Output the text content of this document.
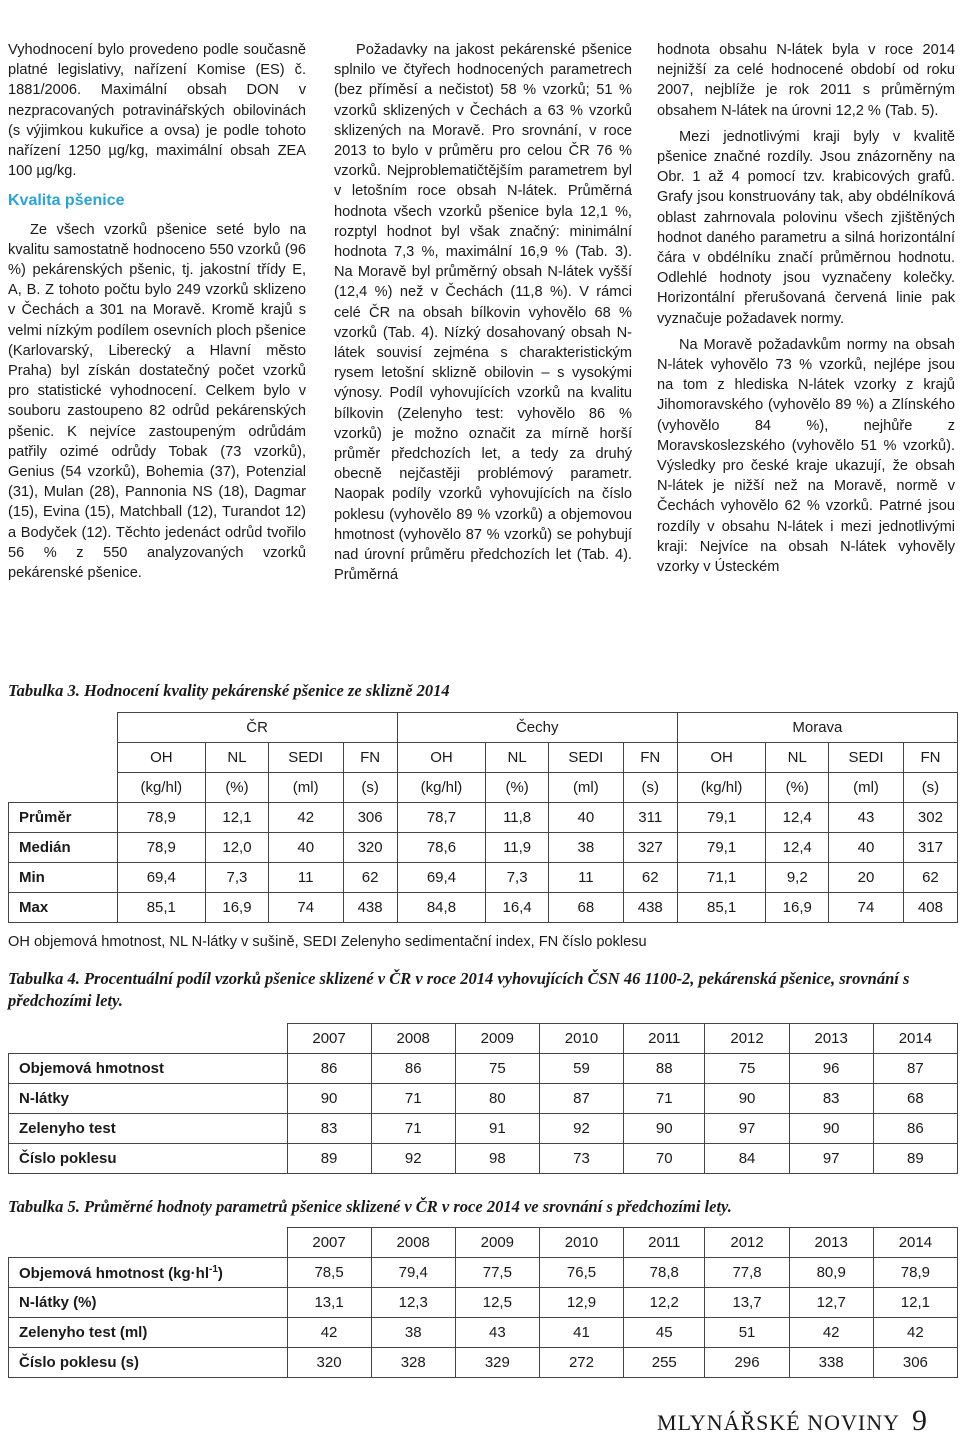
Vyhodnocení bylo provedeno podle současně platné legislativy, nařízení Komise (ES) č. 1881/2006. Maximální obsah DON v nezpracovaných potravinářských obilovinách (s výjimkou kukuřice a ovsa) je podle tohoto nařízení 1250 µg/kg, maximální obsah ZEA 100 µg/kg.

Kvalita pšenice

Ze všech vzorků pšenice seté bylo na kvalitu samostatně hodnoceno 550 vzorků (96 %) pekárenských pšenic, tj. jakostní třídy E, A, B. Z tohoto počtu bylo 249 vzorků sklizeno v Čechách a 301 na Moravě. Kromě krajů s velmi nízkým podílem osevních ploch pšenice (Karlovarský, Liberecký a Hlavní město Praha) byl získán dostatečný počet vzorků pro statistické vyhodnocení. Celkem bylo v souboru zastoupeno 82 odrůd pekárenských pšenic. K nejvíce zastoupeným odrůdám patřily ozimé odrůdy Tobak (73 vzorků), Genius (54 vzorků), Bohemia (37), Potenzial (31), Mulan (28), Pannonia NS (18), Dagmar (15), Evina (15), Matchball (12), Turandot 12) a Bodyček (12). Těchto jedenáct odrůd tvořilo 56 % z 550 analyzovaných vzorků pekárenské pšenice.

Požadavky na jakost pekárenské pšenice splnilo ve čtyřech hodnocených parametrech (bez příměsí a nečistot) 58 % vzorků; 51 % vzorků sklizených v Čechách a 63 % vzorků sklizených na Moravě. Pro srovnání, v roce 2013 to bylo v průměru pro celou ČR 76 % vzorků. Nejproblematičtějším parametrem byl v letošním roce obsah N-látek. Průměrná hodnota všech vzorků pšenice byla 12,1 %, rozptyl hodnot byl však značný: minimální hodnota 7,3 %, maximální 16,9 % (Tab. 3). Na Moravě byl průměrný obsah N-látek vyšší (12,4 %) než v Čechách (11,8 %). V rámci celé ČR na obsah bílkovin vyhovělo 68 % vzorků (Tab. 4). Nízký dosahovaný obsah N-látek souvisí zejména s charakteristickým rysem letošní sklizně obilovin – s vysokými výnosy. Podíl vyhovujících vzorků na kvalitu bílkovin (Zelenyho test: vyhovělo 86 % vzorků) je možno označit za mírně horší průměr předchozích let, a tedy za druhý obecně nejčastěji problémový parametr. Naopak podíly vzorků vyhovujících na číslo poklesu (vyhovělo 89 % vzorků) a objemovou hmotnost (vyhovělo 87 % vzorků) se pohybují nad úrovní průměru předchozích let (Tab. 4). Průměrná

hodnota obsahu N-látek byla v roce 2014 nejnižší za celé hodnocené období od roku 2007, nejblíže je rok 2011 s průměrným obsahem N-látek na úrovni 12,2 % (Tab. 5).

Mezi jednotlivými kraji byly v kvalitě pšenice značné rozdíly. Jsou znázorněny na Obr. 1 až 4 pomocí tzv. krabicových grafů. Grafy jsou konstruovány tak, aby obdélníková oblast zahrnovala polovinu všech zjištěných hodnot daného parametru a silná horizontální čára v obdélníku značí průměrnou hodnotu. Odlehlé hodnoty jsou vyznačeny kolečky. Horizontální přerušovaná červená linie pak vyznačuje požadavek normy.

Na Moravě požadavkům normy na obsah N-látek vyhovělo 73 % vzorků, nejlépe jsou na tom z hlediska N-látek vzorky z krajů Jihomoravského (vyhovělo 89 %) a Zlínského (vyhovělo 84 %), nejhůře z Moravskoslezského (vyhovělo 51 % vzorků). Výsledky pro české kraje ukazují, že obsah N-látek je nižší než na Moravě, normě v Čechách vyhovělo 62 % vzorků. Patrné jsou rozdíly v obsahu N-látek i mezi jednotlivými kraji: Nejvíce na obsah N-látek vyhověly vzorky v Ústeckém

Tabulka 3. Hodnocení kvality pekárenské pšenice ze sklizně 2014
	ČR				Čechy				Morava			
	OH	NL	SEDI	FN	OH	NL	SEDI	FN	OH	NL	SEDI	FN
	(kg/hl)	(%)	(ml)	(s)	(kg/hl)	(%)	(ml)	(s)	(kg/hl)	(%)	(ml)	(s)
Průměr	78,9	12,1	42	306	78,7	11,8	40	311	79,1	12,4	43	302
Medián	78,9	12,0	40	320	78,6	11,9	38	327	79,1	12,4	40	317
Min	69,4	7,3	11	62	69,4	7,3	11	62	71,1	9,2	20	62
Max	85,1	16,9	74	438	84,8	16,4	68	438	85,1	16,9	74	408
OH objemová hmotnost, NL N-látky v sušině, SEDI Zelenyho sedimentační index, FN číslo poklesu
Tabulka 4. Procentuální podíl vzorků pšenice sklizené v ČR v roce 2014 vyhovujících ČSN 46 1100-2, pekárenská pšenice, srovnání s předchozími lety.
	2007	2008	2009	2010	2011	2012	2013	2014
Objemová hmotnost	86	86	75	59	88	75	96	87
N-látky	90	71	80	87	71	90	83	68
Zelenyho test	83	71	91	92	90	97	90	86
Číslo poklesu	89	92	98	73	70	84	97	89
Tabulka 5. Průměrné hodnoty parametrů pšenice sklizené v ČR v roce 2014 ve srovnání s předchozími lety.
	2007	2008	2009	2010	2011	2012	2013	2014
Objemová hmotnost $(kg\cdot hl^{-1})$	78,5	79,4	77,5	76,5	78,8	77,8	80,9	78,9
N-látky (%)	13,1	12,3	12,5	12,9	12,2	13,7	12,7	12,1
Zelenyho test (ml)	42	38	43	41	45	51	42	42
Číslo poklesu (s)	320	328	329	272	255	296	338	306
MLYNÁŘSKÉ NOVINY 9
